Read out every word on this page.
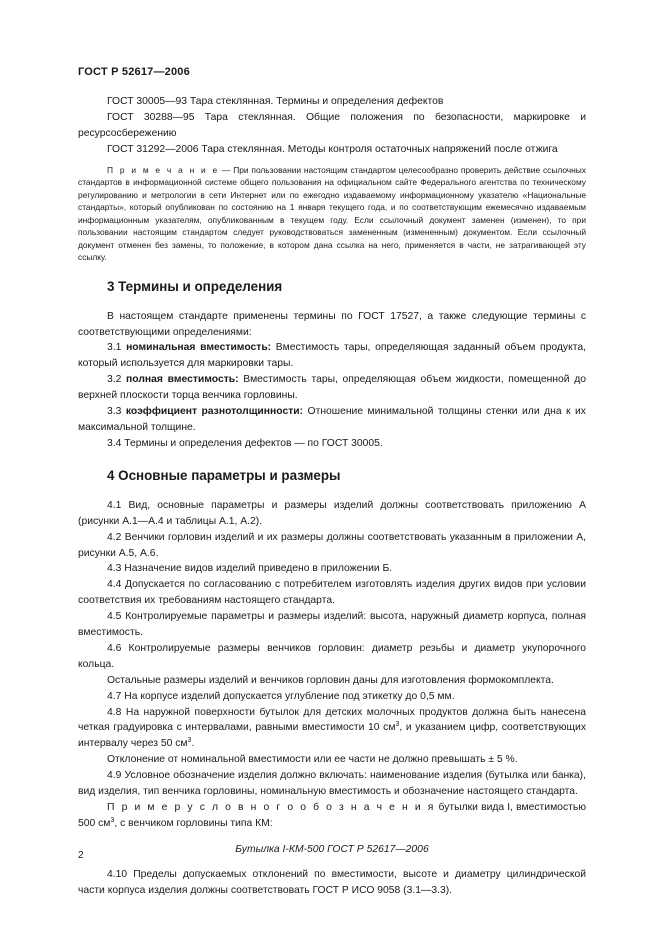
ГОСТ Р 52617—2006

ГОСТ 30005—93 Тара стеклянная. Термины и определения дефектов

ГОСТ 30288—95 Тара стеклянная. Общие положения по безопасности, маркировке и ресурсосбережению

ГОСТ 31292—2006 Тара стеклянная. Методы контроля остаточных напряжений после отжига

П р и м е ч а н и е — При пользовании настоящим стандартом целесообразно проверить действие ссылочных стандартов в информационной системе общего пользования на официальном сайте Федерального агентства по техническому регулированию и метрологии в сети Интернет или по ежегодно издаваемому информационному указателю «Национальные стандарты», который опубликован по состоянию на 1 января текущего года, и по соответствующим ежемесячно издаваемым информационным указателям, опубликованным в текущем году. Если ссылочный документ заменен (изменен), то при пользовании настоящим стандартом следует руководствоваться замененным (измененным) документом. Если ссылочный документ отменен без замены, то положение, в котором дана ссылка на него, применяется в части, не затрагивающей эту ссылку.

3 Термины и определения

В настоящем стандарте применены термины по ГОСТ 17527, а также следующие термины с соответствующими определениями:

3.1 номинальная вместимость: Вместимость тары, определяющая заданный объем продукта, который используется для маркировки тары.

3.2 полная вместимость: Вместимость тары, определяющая объем жидкости, помещенной до верхней плоскости торца венчика горловины.

3.3 коэффициент разнотолщинности: Отношение минимальной толщины стенки или дна к их максимальной толщине.

3.4 Термины и определения дефектов — по ГОСТ 30005.

4 Основные параметры и размеры

4.1 Вид, основные параметры и размеры изделий должны соответствовать приложению А (рисунки А.1—А.4 и таблицы А.1, А.2).

4.2 Венчики горловин изделий и их размеры должны соответствовать указанным в приложении А, рисунки А.5, А.6.

4.3 Назначение видов изделий приведено в приложении Б.

4.4 Допускается по согласованию с потребителем изготовлять изделия других видов при условии соответствия их требованиям настоящего стандарта.

4.5 Контролируемые параметры и размеры изделий: высота, наружный диаметр корпуса, полная вместимость.

4.6 Контролируемые размеры венчиков горловин: диаметр резьбы и диаметр укупорочного кольца.

Остальные размеры изделий и венчиков горловин даны для изготовления формокомплекта.

4.7 На корпусе изделий допускается углубление под этикетку до 0,5 мм.

4.8 На наружной поверхности бутылок для детских молочных продуктов должна быть нанесена четкая градуировка с интервалами, равными вместимости 10 $см^3$, и указанием цифр, соответствующих интервалу через 50 $см^3$.

Отклонение от номинальной вместимости или ее части не должно превышать ± 5 %.

4.9 Условное обозначение изделия должно включать: наименование изделия (бутылка или банка), вид изделия, тип венчика горловины, номинальную вместимость и обозначение настоящего стандарта.

П р и м е р у с л о в н о г о о б о з н а ч е н и я бутылки вида I, вместимостью 500 $см^3$, с венчиком горловины типа КМ:

Бутылка I-КМ-500 ГОСТ Р 52617—2006

4.10 Пределы допускаемых отклонений по вместимости, высоте и диаметру цилиндрической части корпуса изделия должны соответствовать ГОСТ Р ИСО 9058 (3.1—3.3).

2
